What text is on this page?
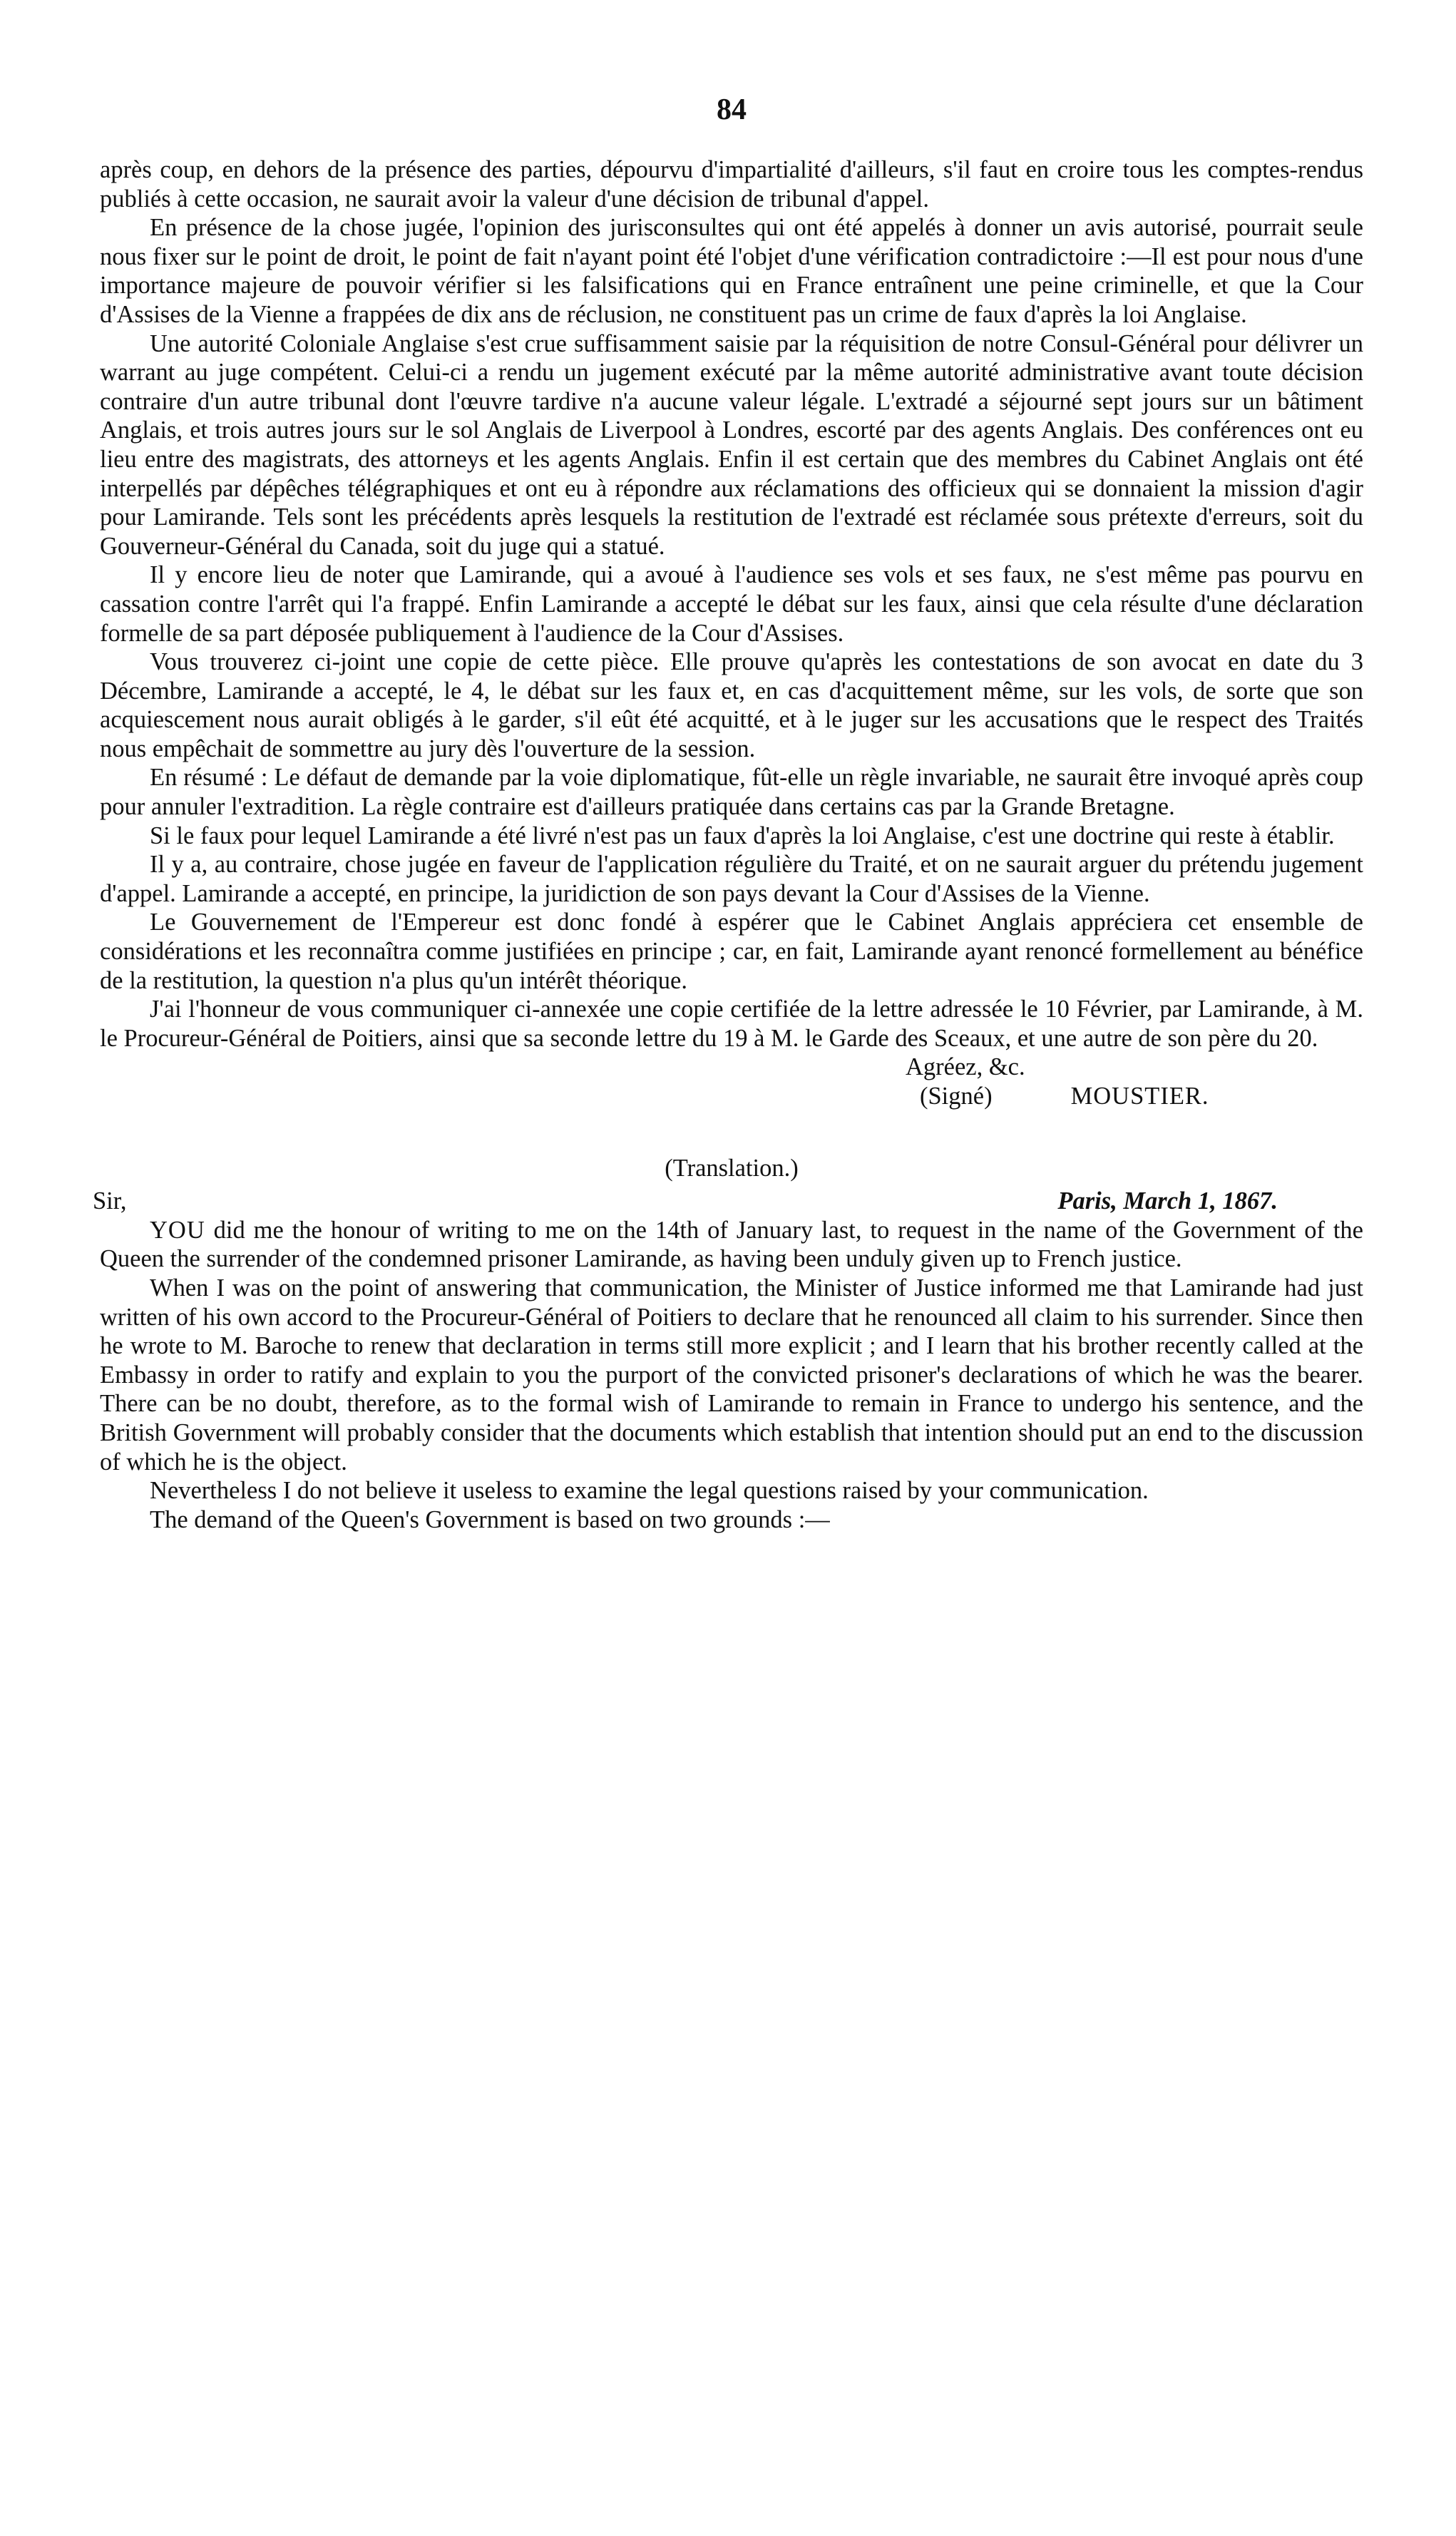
84

après coup, en dehors de la présence des parties, dépourvu d'impartialité d'ailleurs, s'il faut en croire tous les comptes-rendus publiés à cette occasion, ne saurait avoir la valeur d'une décision de tribunal d'appel.

En présence de la chose jugée, l'opinion des jurisconsultes qui ont été appelés à donner un avis autorisé, pourrait seule nous fixer sur le point de droit, le point de fait n'ayant point été l'objet d'une vérification contradictoire :—Il est pour nous d'une importance majeure de pouvoir vérifier si les falsifications qui en France entraînent une peine criminelle, et que la Cour d'Assises de la Vienne a frappées de dix ans de réclusion, ne constituent pas un crime de faux d'après la loi Anglaise.

Une autorité Coloniale Anglaise s'est crue suffisamment saisie par la réquisition de notre Consul-Général pour délivrer un warrant au juge compétent. Celui-ci a rendu un jugement exécuté par la même autorité administrative avant toute décision contraire d'un autre tribunal dont l'œuvre tardive n'a aucune valeur légale. L'extradé a séjourné sept jours sur un bâtiment Anglais, et trois autres jours sur le sol Anglais de Liverpool à Londres, escorté par des agents Anglais. Des conférences ont eu lieu entre des magistrats, des attorneys et les agents Anglais. Enfin il est certain que des membres du Cabinet Anglais ont été interpellés par dépêches télégraphiques et ont eu à répondre aux réclamations des officieux qui se donnaient la mission d'agir pour Lamirande. Tels sont les précédents après lesquels la restitution de l'extradé est réclamée sous prétexte d'erreurs, soit du Gouverneur-Général du Canada, soit du juge qui a statué.

Il y encore lieu de noter que Lamirande, qui a avoué à l'audience ses vols et ses faux, ne s'est même pas pourvu en cassation contre l'arrêt qui l'a frappé. Enfin Lamirande a accepté le débat sur les faux, ainsi que cela résulte d'une déclaration formelle de sa part déposée publiquement à l'audience de la Cour d'Assises.

Vous trouverez ci-joint une copie de cette pièce. Elle prouve qu'après les contestations de son avocat en date du 3 Décembre, Lamirande a accepté, le 4, le débat sur les faux et, en cas d'acquittement même, sur les vols, de sorte que son acquiescement nous aurait obligés à le garder, s'il eût été acquitté, et à le juger sur les accusations que le respect des Traités nous empêchait de sommettre au jury dès l'ouverture de la session.

En résumé : Le défaut de demande par la voie diplomatique, fût-elle un règle invariable, ne saurait être invoqué après coup pour annuler l'extradition. La règle contraire est d'ailleurs pratiquée dans certains cas par la Grande Bretagne.

Si le faux pour lequel Lamirande a été livré n'est pas un faux d'après la loi Anglaise, c'est une doctrine qui reste à établir.

Il y a, au contraire, chose jugée en faveur de l'application régulière du Traité, et on ne saurait arguer du prétendu jugement d'appel. Lamirande a accepté, en principe, la juridiction de son pays devant la Cour d'Assises de la Vienne.

Le Gouvernement de l'Empereur est donc fondé à espérer que le Cabinet Anglais appréciera cet ensemble de considérations et les reconnaîtra comme justifiées en principe ; car, en fait, Lamirande ayant renoncé formellement au bénéfice de la restitution, la question n'a plus qu'un intérêt théorique.

J'ai l'honneur de vous communiquer ci-annexée une copie certifiée de la lettre adressée le 10 Février, par Lamirande, à M. le Procureur-Général de Poitiers, ainsi que sa seconde lettre du 19 à M. le Garde des Sceaux, et une autre de son père du 20.

Agréez, &c.

(Signé)	MOUSTIER.

(Translation.)
Sir,	Paris, March 1, 1867.

YOU did me the honour of writing to me on the 14th of January last, to request in the name of the Government of the Queen the surrender of the condemned prisoner Lamirande, as having been unduly given up to French justice.

When I was on the point of answering that communication, the Minister of Justice informed me that Lamirande had just written of his own accord to the Procureur-Général of Poitiers to declare that he renounced all claim to his surrender. Since then he wrote to M. Baroche to renew that declaration in terms still more explicit ; and I learn that his brother recently called at the Embassy in order to ratify and explain to you the purport of the convicted prisoner's declarations of which he was the bearer. There can be no doubt, therefore, as to the formal wish of Lamirande to remain in France to undergo his sentence, and the British Government will probably consider that the documents which establish that intention should put an end to the discussion of which he is the object.

Nevertheless I do not believe it useless to examine the legal questions raised by your communication.

The demand of the Queen's Government is based on two grounds :—
